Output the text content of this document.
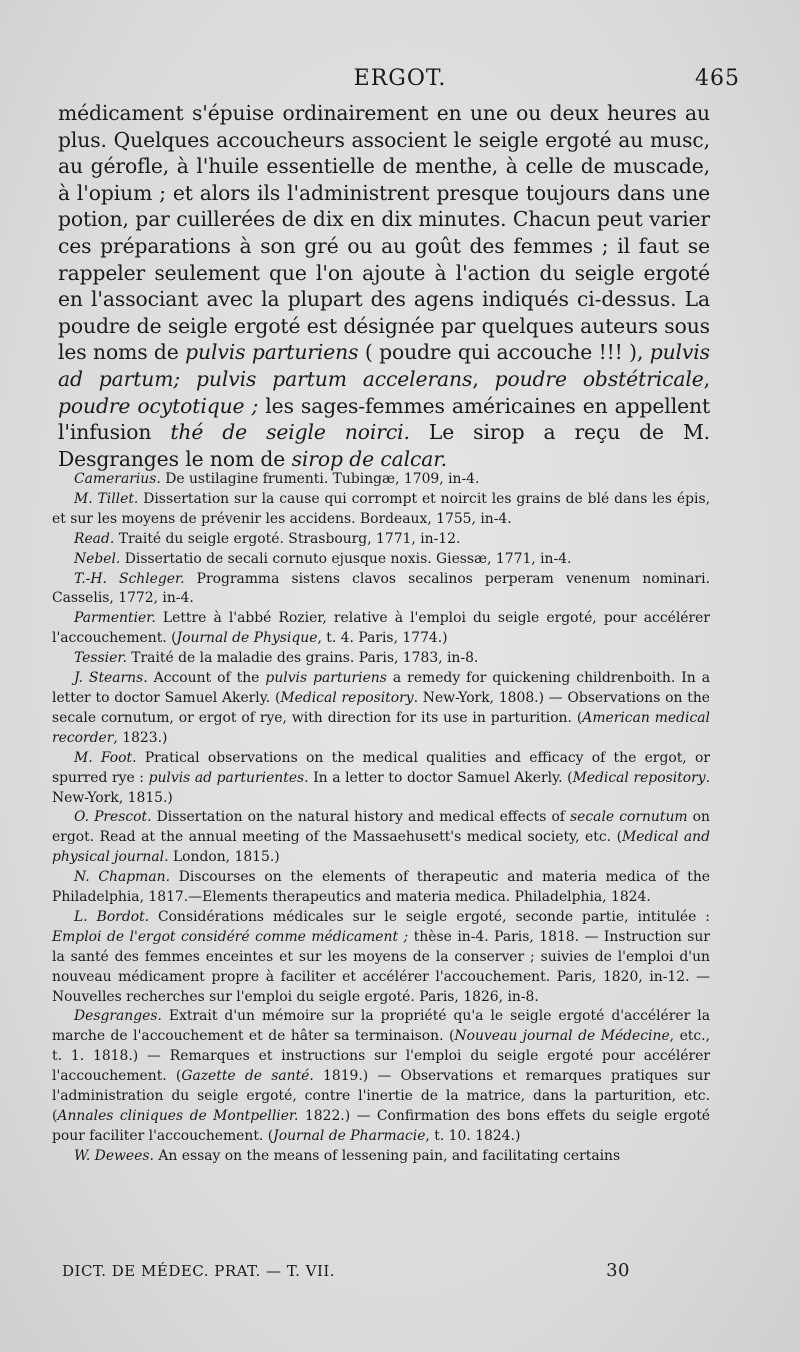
ERGOT.	465

médicament s'épuise ordinairement en une ou deux heures au plus. Quelques accoucheurs associent le seigle ergoté au musc, au gérofle, à l'huile essentielle de menthe, à celle de muscade, à l'opium ; et alors ils l'administrent presque toujours dans une potion, par cuillerées de dix en dix minutes. Chacun peut varier ces préparations à son gré ou au goût des femmes ; il faut se rappeler seulement que l'on ajoute à l'action du seigle ergoté en l'associant avec la plupart des agens indiqués ci-dessus. La poudre de seigle ergoté est désignée par quelques auteurs sous les noms de pulvis parturiens ( poudre qui accouche !!! ), pulvis ad partum; pulvis partum accelerans, poudre obstétricale, poudre ocytotique ; les sages-femmes américaines en appellent l'infusion thé de seigle noirci. Le sirop a reçu de M. Desgranges le nom de sirop de calcar.

Camerarius. De ustilagine frumenti. Tubingæ, 1709, in-4.

M. Tillet. Dissertation sur la cause qui corrompt et noircit les grains de blé dans les épis, et sur les moyens de prévenir les accidens. Bordeaux, 1755, in-4.

Read. Traité du seigle ergoté. Strasbourg, 1771, in-12.

Nebel. Dissertatio de secali cornuto ejusque noxis. Giessæ, 1771, in-4.

T.-H. Schleger. Programma sistens clavos secalinos perperam venenum nominari. Casselis, 1772, in-4.

Parmentier. Lettre à l'abbé Rozier, relative à l'emploi du seigle ergoté, pour accélérer l'accouchement. (Journal de Physique, t. 4. Paris, 1774.)

Tessier. Traité de la maladie des grains. Paris, 1783, in-8.

J. Stearns. Account of the pulvis parturiens a remedy for quickening childrenboith. In a letter to doctor Samuel Akerly. (Medical repository. New-York, 1808.) — Observations on the secale cornutum, or ergot of rye, with direction for its use in parturition. (American medical recorder, 1823.)

M. Foot. Pratical observations on the medical qualities and efficacy of the ergot, or spurred rye : pulvis ad parturientes. In a letter to doctor Samuel Akerly. (Medical repository. New-York, 1815.)

O. Prescot. Dissertation on the natural history and medical effects of secale cornutum on ergot. Read at the annual meeting of the Massaehusett's medical society, etc. (Medical and physical journal. London, 1815.)

N. Chapman. Discourses on the elements of therapeutic and materia medica of the Philadelphia, 1817.—Elements therapeutics and materia medica. Philadelphia, 1824.

L. Bordot. Considérations médicales sur le seigle ergoté, seconde partie, intitulée : Emploi de l'ergot considéré comme médicament ; thèse in-4. Paris, 1818. — Instruction sur la santé des femmes enceintes et sur les moyens de la conserver ; suivies de l'emploi d'un nouveau médicament propre à faciliter et accélérer l'accouchement. Paris, 1820, in-12. — Nouvelles recherches sur l'emploi du seigle ergoté. Paris, 1826, in-8.

Desgranges. Extrait d'un mémoire sur la propriété qu'a le seigle ergoté d'accélérer la marche de l'accouchement et de hâter sa terminaison. (Nouveau journal de Médecine, etc., t. 1. 1818.) — Remarques et instructions sur l'emploi du seigle ergoté pour accélérer l'accouchement. (Gazette de santé. 1819.) — Observations et remarques pratiques sur l'administration du seigle ergoté, contre l'inertie de la matrice, dans la parturition, etc. (Annales cliniques de Montpellier. 1822.) — Confirmation des bons effets du seigle ergoté pour faciliter l'accouchement. (Journal de Pharmacie, t. 10. 1824.)

W. Dewees. An essay on the means of lessening pain, and facilitating certains

DICT. DE MÉDEC. PRAT. — T. VII.	30
